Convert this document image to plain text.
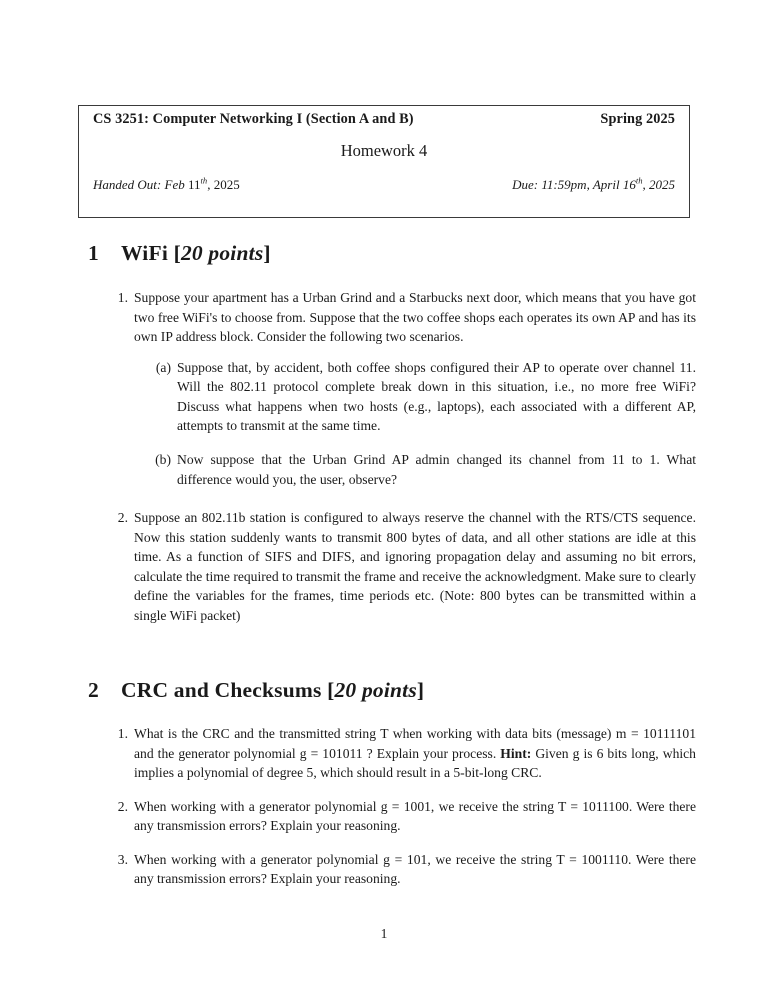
CS 3251: Computer Networking I (Section A and B)	Spring 2025
Homework 4
Handed Out: Feb 11th, 2025	Due: 11:59pm, April 16th, 2025
1 WiFi [20 points]
1. Suppose your apartment has a Urban Grind and a Starbucks next door, which means that you have got two free WiFi's to choose from. Suppose that the two coffee shops each operates its own AP and has its own IP address block. Consider the following two scenarios.
(a) Suppose that, by accident, both coffee shops configured their AP to operate over channel 11. Will the 802.11 protocol complete break down in this situation, i.e., no more free WiFi? Discuss what happens when two hosts (e.g., laptops), each associated with a different AP, attempts to transmit at the same time.
(b) Now suppose that the Urban Grind AP admin changed its channel from 11 to 1. What difference would you, the user, observe?
2. Suppose an 802.11b station is configured to always reserve the channel with the RTS/CTS sequence. Now this station suddenly wants to transmit 800 bytes of data, and all other stations are idle at this time. As a function of SIFS and DIFS, and ignoring propagation delay and assuming no bit errors, calculate the time required to transmit the frame and receive the acknowledgment. Make sure to clearly define the variables for the frames, time periods etc. (Note: 800 bytes can be transmitted within a single WiFi packet)
2 CRC and Checksums [20 points]
1. What is the CRC and the transmitted string T when working with data bits (message) m = 10111101 and the generator polynomial g = 101011 ? Explain your process. Hint: Given g is 6 bits long, which implies a polynomial of degree 5, which should result in a 5-bit-long CRC.
2. When working with a generator polynomial g = 1001, we receive the string T = 1011100. Were there any transmission errors? Explain your reasoning.
3. When working with a generator polynomial g = 101, we receive the string T = 1001110. Were there any transmission errors? Explain your reasoning.
1
